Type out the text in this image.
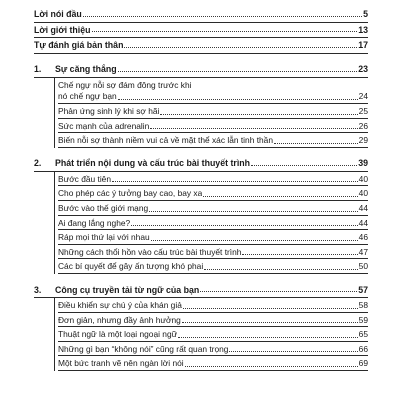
Lời nói đầu	5
Lời giới thiệu	13
Tự đánh giá bản thân	17
1.	Sự căng thẳng	23
Chế ngự nỗi sợ đám đông trước khi
nó chế ngự bạn	24
Phản ứng sinh lý khi sợ hãi	25
Sức mạnh của adrenalin	26
Biến nỗi sợ thành niềm vui cả về mặt thể xác lẫn tinh thần	29
2.	Phát triển nội dung và cấu trúc bài thuyết trình	39
Bước đầu tiên	40
Cho phép các ý tưởng bay cao, bay xa	40
Bước vào thế giới mạng	44
Ai đang lắng nghe?	44
Ráp mọi thứ lại với nhau	46
Những cách thổi hồn vào cấu trúc bài thuyết trình	47
Các bí quyết để gây ấn tượng khó phai	50
3.	Công cụ truyền tải từ ngữ của bạn	57
Điều khiển sự chú ý của khán giả	58
Đơn giản, nhưng đầy ảnh hưởng	59
Thuật ngữ là một loại ngoại ngữ	65
Những gì bạn “không nói” cũng rất quan trọng	66
Một bức tranh vẽ nên ngàn lời nói	69
